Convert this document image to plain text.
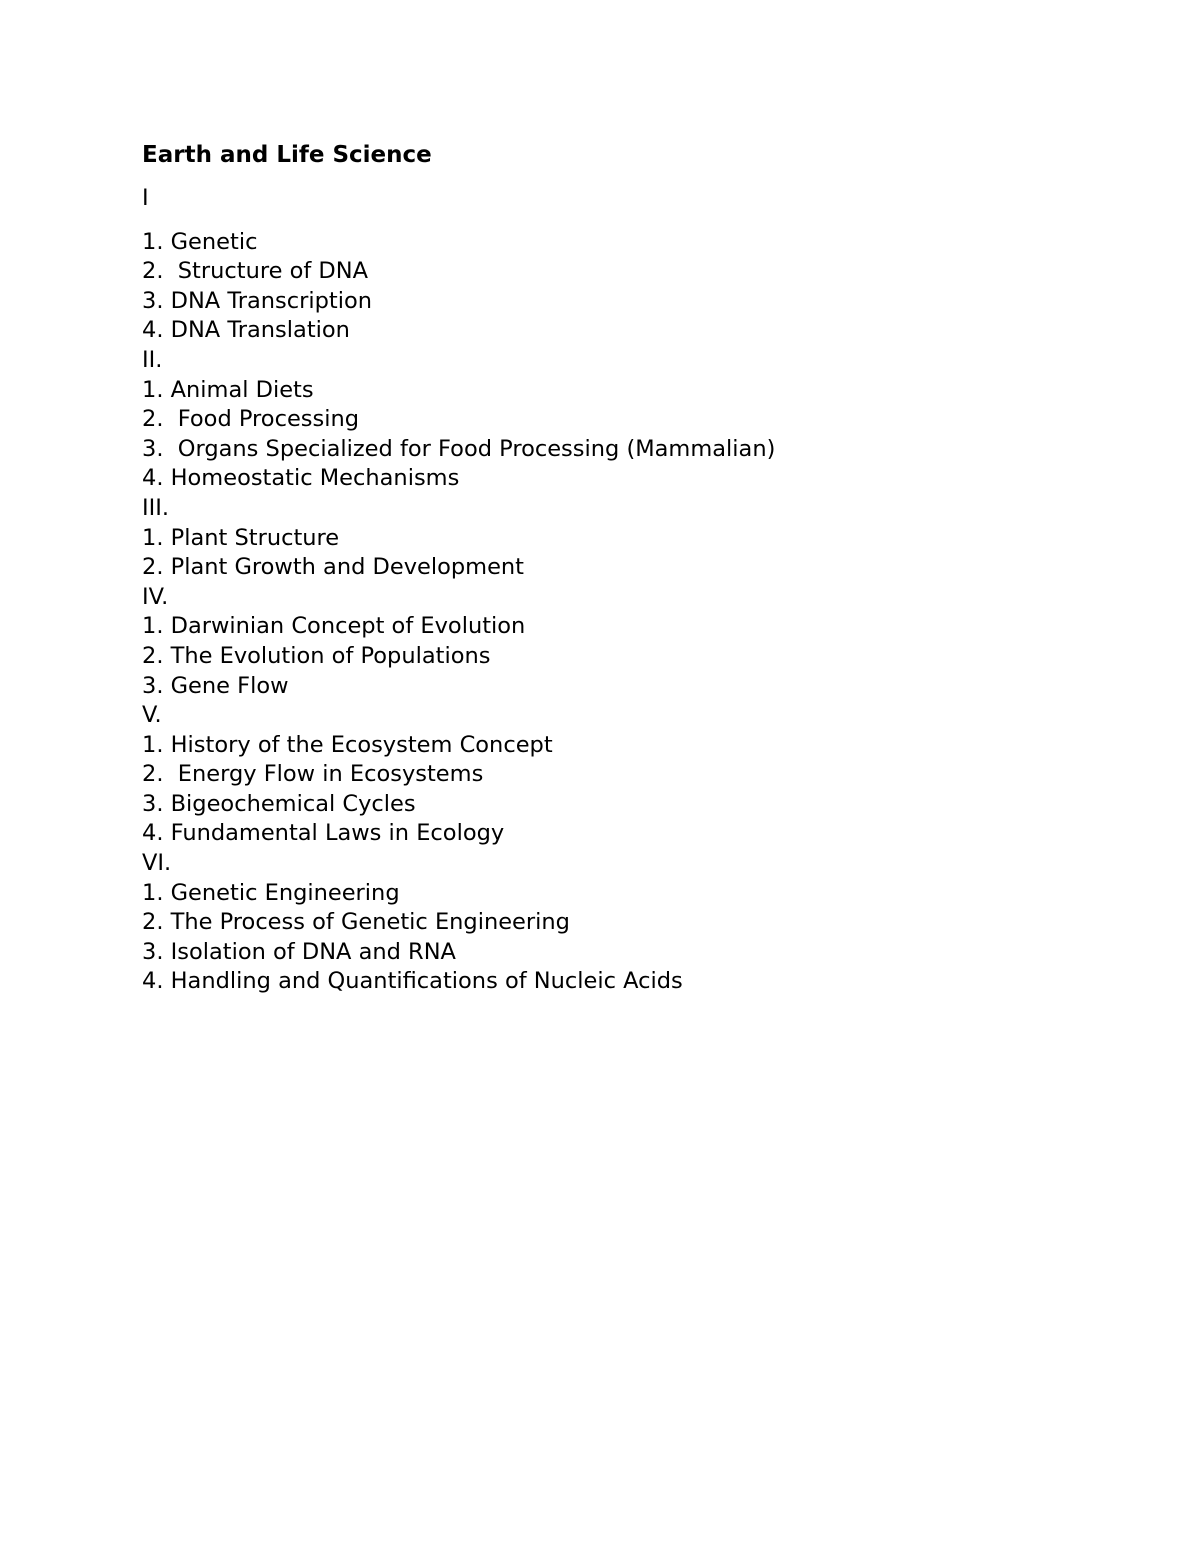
Earth and Life Science
I
1. Genetic
2.  Structure of DNA
3. DNA Transcription
4. DNA Translation
II.
1. Animal Diets
2.  Food Processing
3.  Organs Specialized for Food Processing (Mammalian)
4. Homeostatic Mechanisms
III.
1. Plant Structure
2. Plant Growth and Development
IV.
1. Darwinian Concept of Evolution
2. The Evolution of Populations
3. Gene Flow
V.
1. History of the Ecosystem Concept
2.  Energy Flow in Ecosystems
3. Bigeochemical Cycles
4. Fundamental Laws in Ecology
VI.
1. Genetic Engineering
2. The Process of Genetic Engineering
3. Isolation of DNA and RNA
4. Handling and Quantifications of Nucleic Acids
